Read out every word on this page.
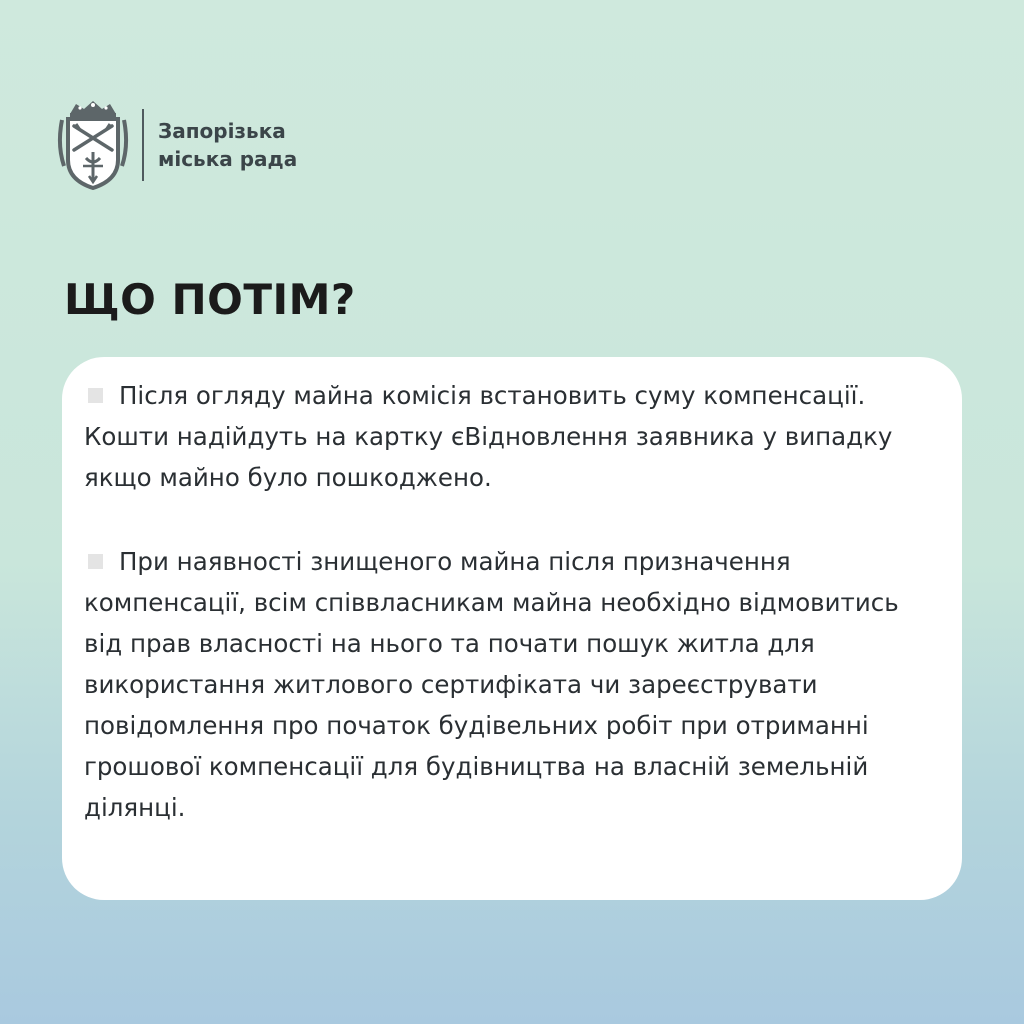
Запорізька
міська рада
ЩО ПОТІМ?

Після огляду майна комісія встановить суму компенсації. Кошти надійдуть на картку єВідновлення заявника у випадку якщо майно було пошкоджено.

При наявності знищеного майна після призначення компенсації, всім співвласникам майна необхідно відмовитись від прав власності на нього та почати пошук житла для використання житлового сертифіката чи зареєструвати повідомлення про початок будівельних робіт при отриманні грошової компенсації для будівництва на власній земельній ділянці.
